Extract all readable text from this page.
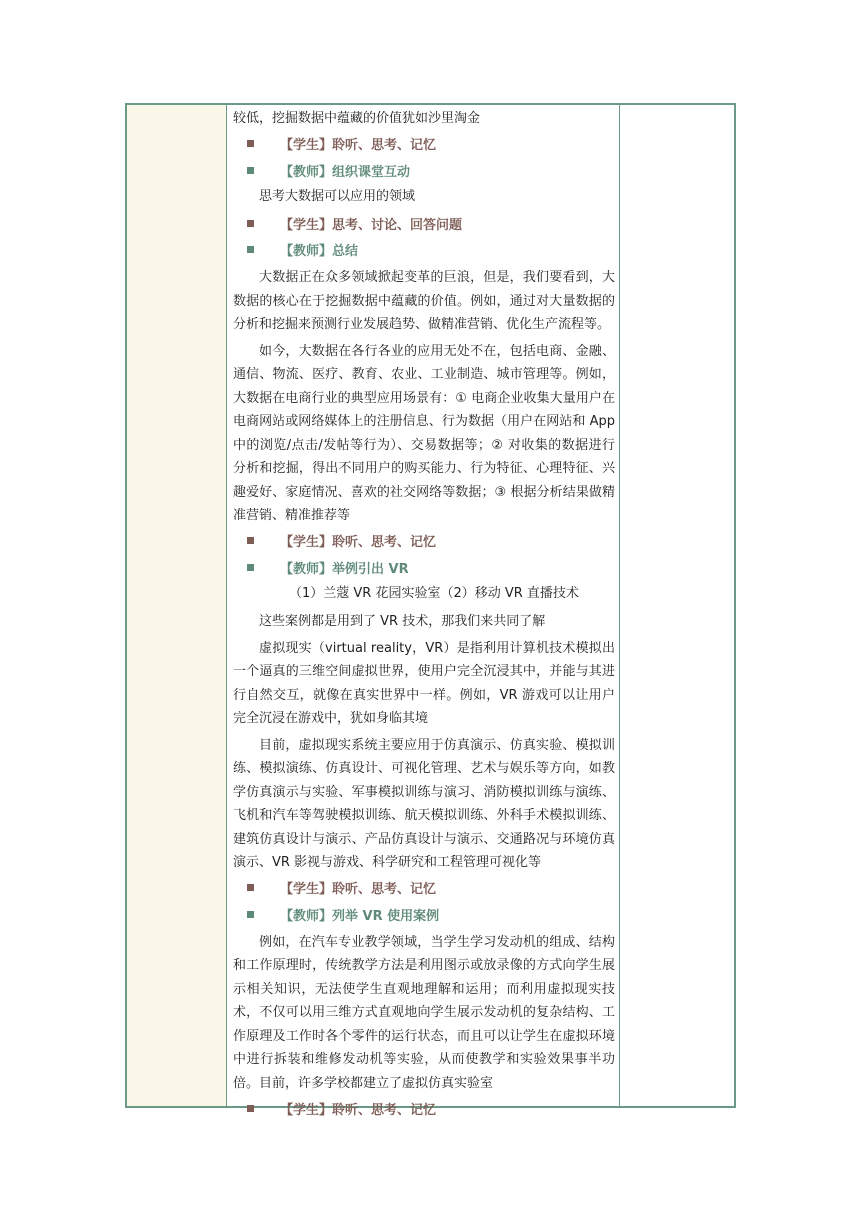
较低，挖掘数据中蕴藏的价值犹如沙里淘金

【学生】聆听、思考、记忆
【教师】组织课堂互动
思考大数据可以应用的领域
【学生】思考、讨论、回答问题
【教师】总结

大数据正在众多领域掀起变革的巨浪，但是，我们要看到，大数据的核心在于挖掘数据中蕴藏的价值。例如，通过对大量数据的分析和挖掘来预测行业发展趋势、做精准营销、优化生产流程等。

如今，大数据在各行各业的应用无处不在，包括电商、金融、通信、物流、医疗、教育、农业、工业制造、城市管理等。例如，大数据在电商行业的典型应用场景有：① 电商企业收集大量用户在电商网站或网络媒体上的注册信息、行为数据（用户在网站和 App 中的浏览/点击/发帖等行为）、交易数据等；② 对收集的数据进行分析和挖掘，得出不同用户的购买能力、行为特征、心理特征、兴趣爱好、家庭情况、喜欢的社交网络等数据；③ 根据分析结果做精准营销、精准推荐等

【学生】聆听、思考、记忆
【教师】举例引出 VR
（1）兰蔻 VR 花园实验室（2）移动 VR 直播技术

这些案例都是用到了 VR 技术，那我们来共同了解

虚拟现实（virtual reality，VR）是指利用计算机技术模拟出一个逼真的三维空间虚拟世界，使用户完全沉浸其中，并能与其进行自然交互，就像在真实世界中一样。例如，VR 游戏可以让用户完全沉浸在游戏中，犹如身临其境

目前，虚拟现实系统主要应用于仿真演示、仿真实验、模拟训练、模拟演练、仿真设计、可视化管理、艺术与娱乐等方向，如教学仿真演示与实验、军事模拟训练与演习、消防模拟训练与演练、飞机和汽车等驾驶模拟训练、航天模拟训练、外科手术模拟训练、建筑仿真设计与演示、产品仿真设计与演示、交通路况与环境仿真演示、VR 影视与游戏、科学研究和工程管理可视化等

【学生】聆听、思考、记忆
【教师】列举 VR 使用案例

例如，在汽车专业教学领域，当学生学习发动机的组成、结构和工作原理时，传统教学方法是利用图示或放录像的方式向学生展示相关知识，无法使学生直观地理解和运用；而利用虚拟现实技术，不仅可以用三维方式直观地向学生展示发动机的复杂结构、工作原理及工作时各个零件的运行状态，而且可以让学生在虚拟环境中进行拆装和维修发动机等实验，从而使教学和实验效果事半功倍。目前，许多学校都建立了虚拟仿真实验室

【学生】聆听、思考、记忆
